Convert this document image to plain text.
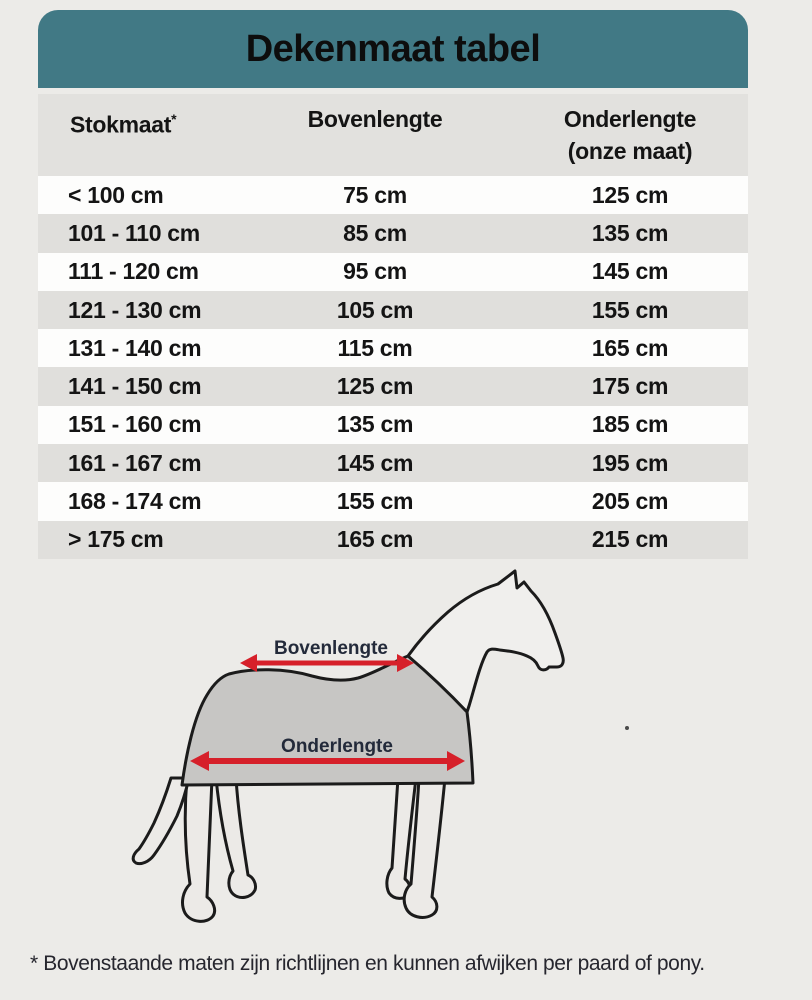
Dekenmaat tabel
Stokmaat*	Bovenlengte	Onderlengte
(onze maat)
< 100 cm	75 cm	125 cm
101 - 110 cm	85 cm	135 cm
111 - 120 cm	95 cm	145 cm
121 - 130 cm	105 cm	155 cm
131 - 140 cm	115 cm	165 cm
141 - 150 cm	125 cm	175 cm
151 - 160 cm	135 cm	185 cm
161 - 167 cm	145 cm	195 cm
168 - 174 cm	155 cm	205 cm
> 175 cm	165 cm	215 cm
Bovenlengte
Onderlengte
* Bovenstaande maten zijn richtlijnen en kunnen afwijken per paard of pony.
